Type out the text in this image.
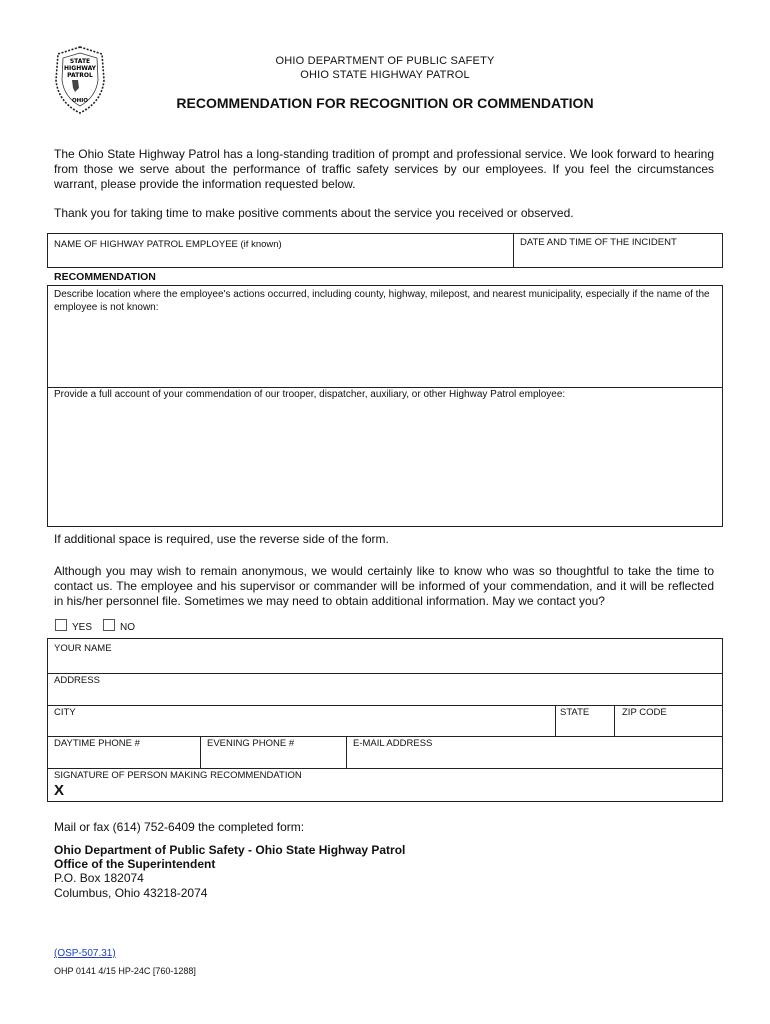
STATE
HIGHWAY
PATROL
OHIO
OHIO DEPARTMENT OF PUBLIC SAFETY
OHIO STATE HIGHWAY PATROL
RECOMMENDATION FOR RECOGNITION OR COMMENDATION
The Ohio State Highway Patrol has a long-standing tradition of prompt and professional service. We look forward to hearing from those we serve about the performance of traffic safety services by our employees. If you feel the circumstances warrant, please provide the information requested below.
Thank you for taking time to make positive comments about the service you received or observed.
NAME OF HIGHWAY PATROL EMPLOYEE (if known)	DATE AND TIME OF THE INCIDENT
RECOMMENDATION
Describe location where the employee's actions occurred, including county, highway, milepost, and nearest municipality, especially if the name of the employee is not known:
Provide a full account of your commendation of our trooper, dispatcher, auxiliary, or other Highway Patrol employee:
If additional space is required, use the reverse side of the form.
Although you may wish to remain anonymous, we would certainly like to know who was so thoughtful to take the time to contact us. The employee and his supervisor or commander will be informed of your commendation, and it will be reflected in his/her personnel file. Sometimes we may need to obtain additional information. May we contact you?
YES	NO
YOUR NAME
ADDRESS
CITY	STATE	ZIP CODE
DAYTIME PHONE #	EVENING PHONE #	E-MAIL ADDRESS
SIGNATURE OF PERSON MAKING RECOMMENDATION
X
Mail or fax (614) 752-6409 the completed form:
Ohio Department of Public Safety - Ohio State Highway Patrol
Office of the Superintendent
P.O. Box 182074
Columbus, Ohio 43218-2074
(OSP-507.31)
OHP 0141 4/15 HP-24C [760-1288]
